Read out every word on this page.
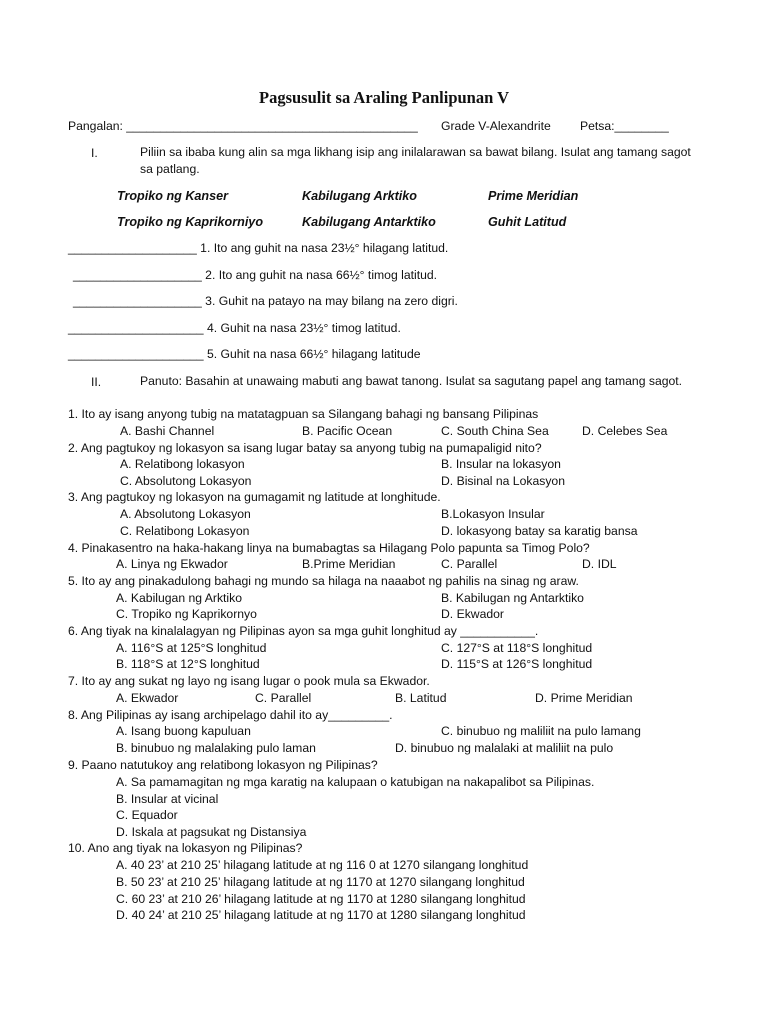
Pagsusulit sa Araling Panlipunan V
Pangalan: ___________________________________________ Grade V-Alexandrite Petsa:________
I.	Piliin sa ibaba kung alin sa mga likhang isip ang inilalarawan sa bawat bilang. Isulat ang tamang sagot sa patlang.
Tropiko ng Kanser	Kabilugang Arktiko	Prime Meridian
Tropiko ng Kaprikorniyo	Kabilugang Antarktiko	Guhit Latitud
___________________ 1. Ito ang guhit na nasa 23½° hilagang latitud.
___________________ 2. Ito ang guhit na nasa 66½° timog latitud.
___________________ 3. Guhit na patayo na may bilang na zero digri.
____________________ 4. Guhit na nasa 23½° timog latitud.
____________________ 5. Guhit na nasa 66½° hilagang latitude
II.	Panuto: Basahin at unawaing mabuti ang bawat tanong. Isulat sa sagutang papel ang tamang sagot.
1. Ito ay isang anyong tubig na matatagpuan sa Silangang bahagi ng bansang Pilipinas
A. Bashi Channel	B. Pacific Ocean	C. South China Sea	D. Celebes Sea
2. Ang pagtukoy ng lokasyon sa isang lugar batay sa anyong tubig na pumapaligid nito?
A. Relatibong lokasyon	B. Insular na lokasyon
C. Absolutong Lokasyon	D. Bisinal na Lokasyon
3. Ang pagtukoy ng lokasyon na gumagamit ng latitude at longhitude.
A. Absolutong Lokasyon	B.Lokasyon Insular
C. Relatibong Lokasyon	D. lokasyong batay sa karatig bansa
4. Pinakasentro na haka-hakang linya na bumabagtas sa Hilagang Polo papunta sa Timog Polo?
A. Linya ng Ekwador	B.Prime Meridian	C. Parallel	D. IDL
5. Ito ay ang pinakadulong bahagi ng mundo sa hilaga na naaabot ng pahilis na sinag ng araw.
A. Kabilugan ng Arktiko	B. Kabilugan ng Antarktiko
C. Tropiko ng Kaprikornyo	D. Ekwador
6. Ang tiyak na kinalalagyan ng Pilipinas ayon sa mga guhit longhitud ay ___________.
A. 116°S at 125°S longhitud	C. 127°S at 118°S longhitud
B. 118°S at 12°S longhitud	D. 115°S at 126°S longhitud
7. Ito ay ang sukat ng layo ng isang lugar o pook mula sa Ekwador.
A. Ekwador	C. Parallel	B. Latitud	D. Prime Meridian
8. Ang Pilipinas ay isang archipelago dahil ito ay_________.
A. Isang buong kapuluan	C. binubuo ng maliliit na pulo lamang
B. binubuo ng malalaking pulo laman	D. binubuo ng malalaki at maliliit na pulo
9. Paano natutukoy ang relatibong lokasyon ng Pilipinas?
A. Sa pamamagitan ng mga karatig na kalupaan o katubigan na nakapalibot sa Pilipinas.
B. Insular at vicinal
C. Equador
D. Iskala at pagsukat ng Distansiya
10. Ano ang tiyak na lokasyon ng Pilipinas?
A. 40 23’ at 210 25’ hilagang latitude at ng 116 0 at 1270 silangang longhitud
B. 50 23’ at 210 25’ hilagang latitude at ng 1170 at 1270 silangang longhitud
C. 60 23’ at 210 26’ hilagang latitude at ng 1170 at 1280 silangang longhitud
D. 40 24’ at 210 25’ hilagang latitude at ng 1170 at 1280 silangang longhitud
